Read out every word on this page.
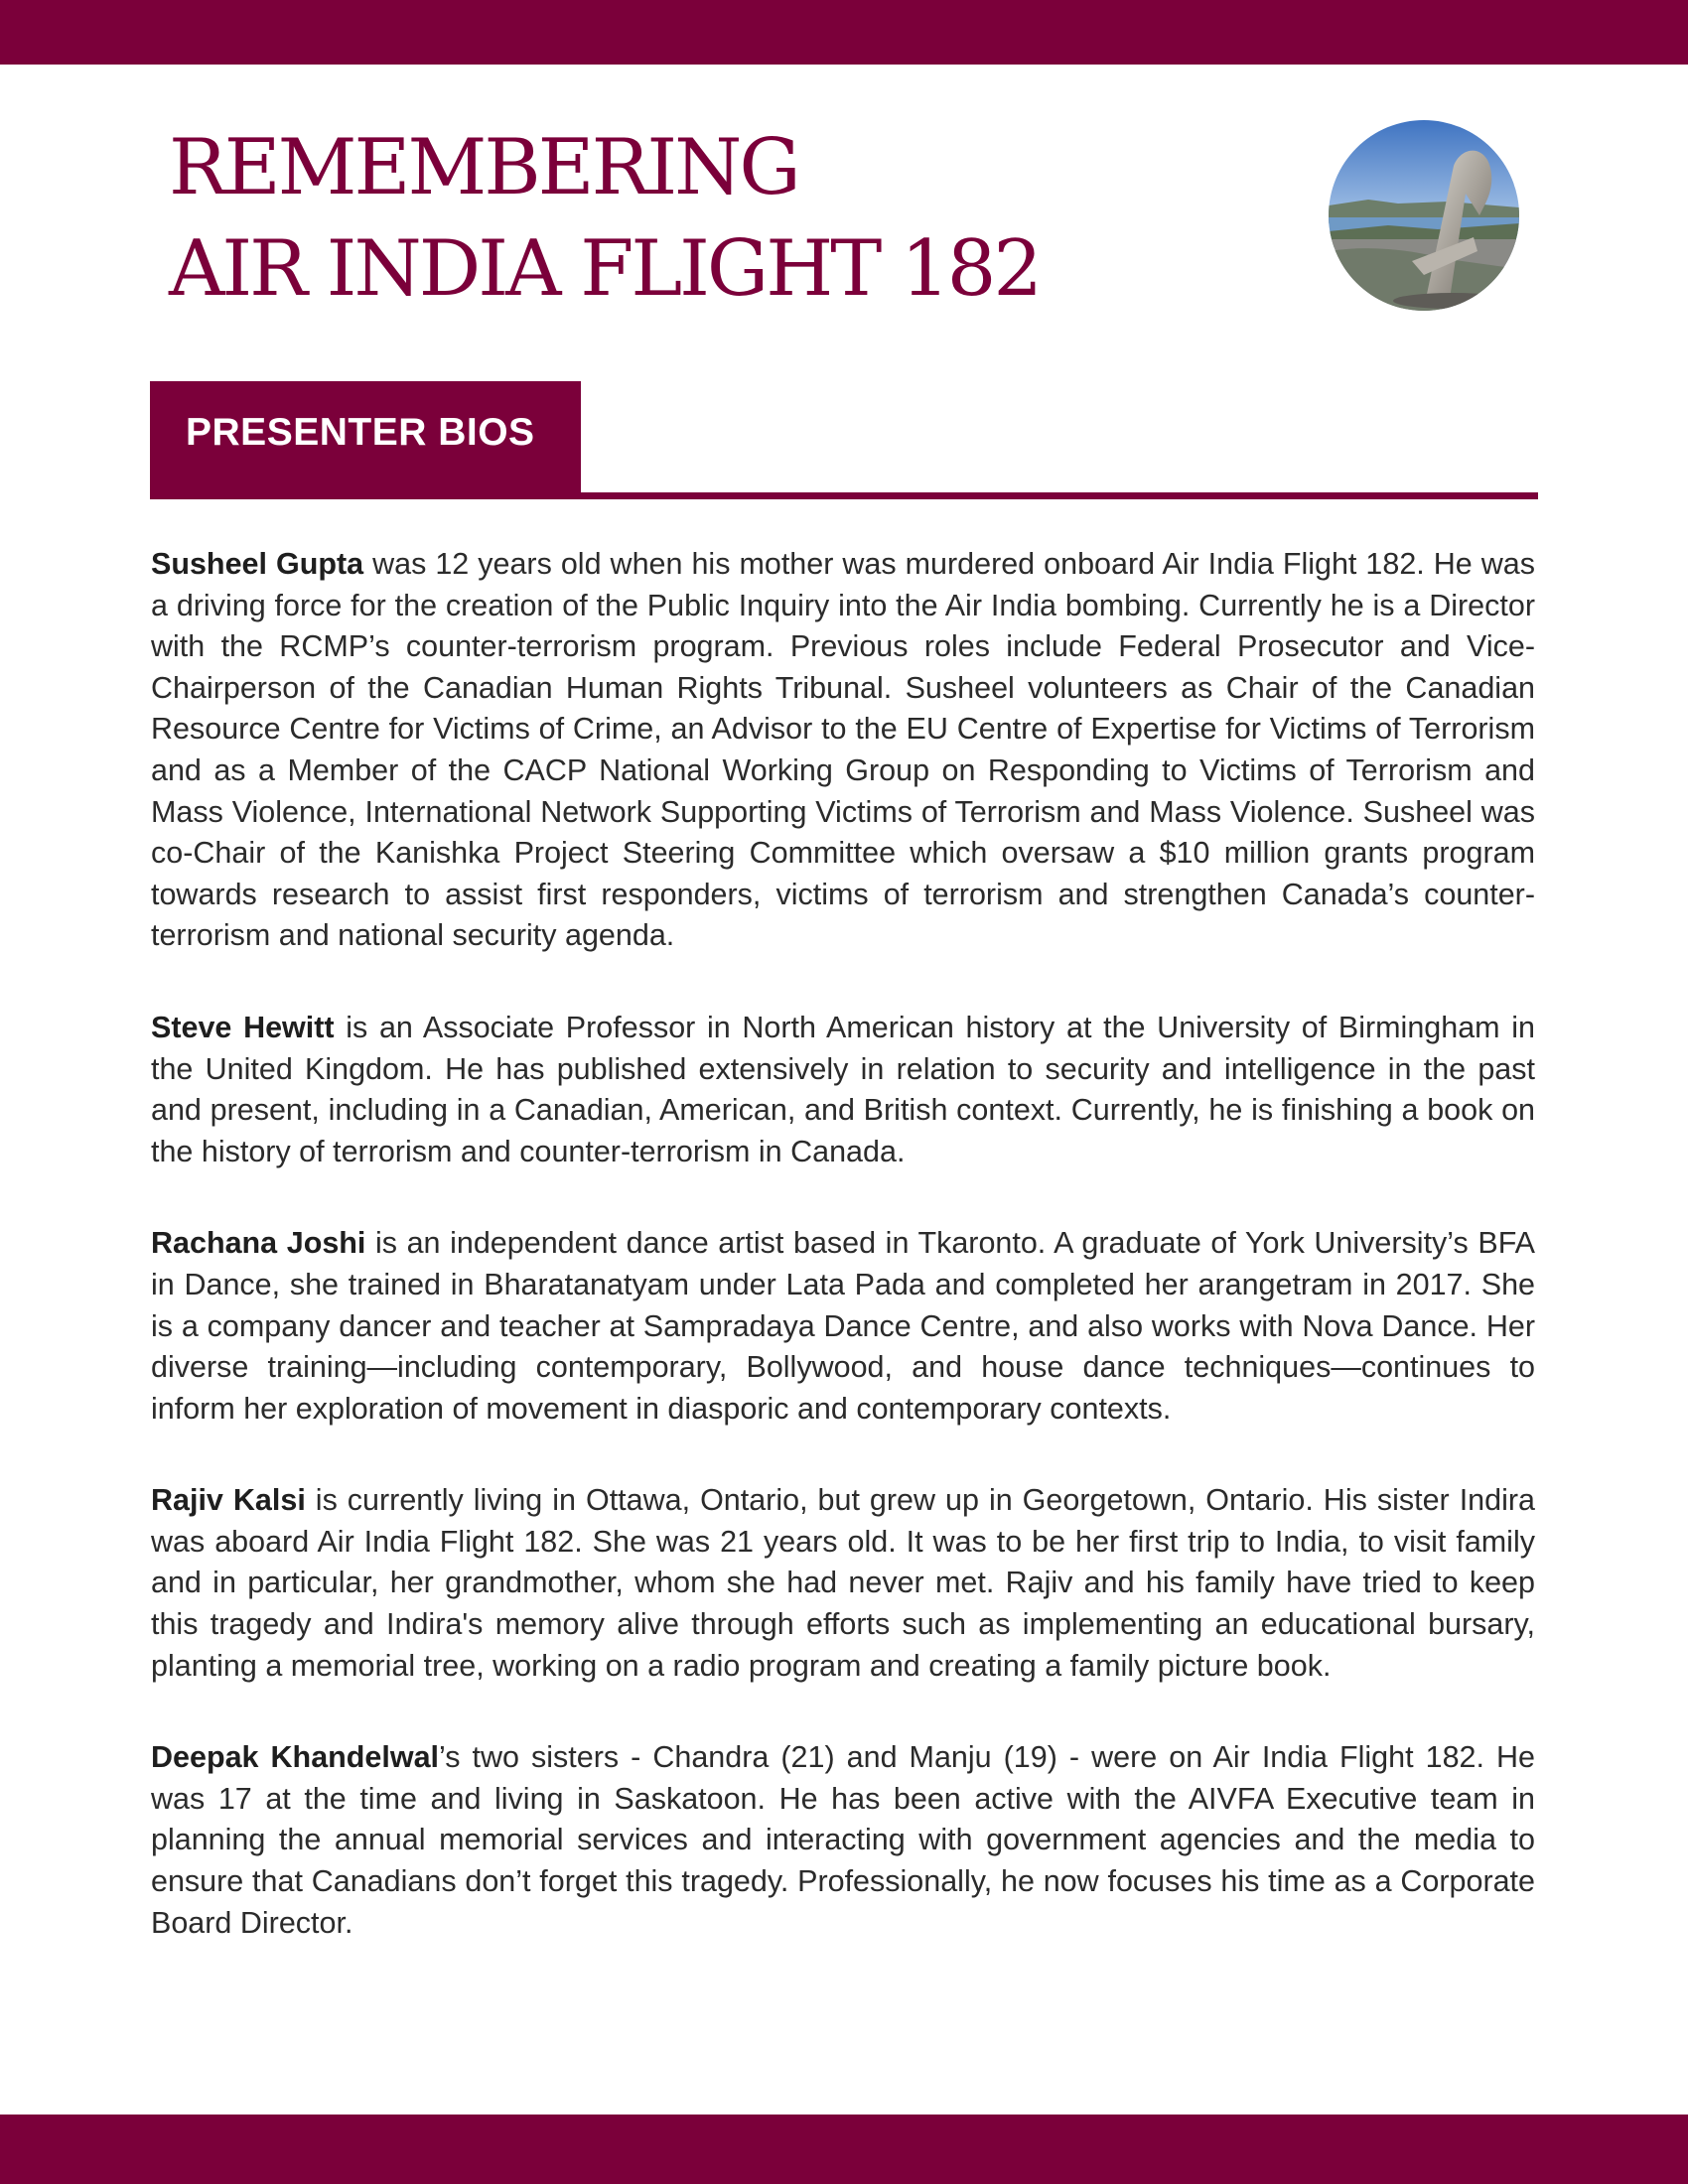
REMEMBERING
AIR INDIA FLIGHT 182
PRESENTER BIOS

Susheel Gupta was 12 years old when his mother was murdered onboard Air India Flight 182. He was a driving force for the creation of the Public Inquiry into the Air India bombing. Currently he is a Director with the RCMP’s counter-terrorism program. Previous roles include Federal Prosecutor and Vice-Chairperson of the Canadian Human Rights Tribunal. Susheel volunteers as Chair of the Canadian Resource Centre for Victims of Crime, an Advisor to the EU Centre of Expertise for Victims of Terrorism and as a Member of the CACP National Working Group on Responding to Victims of Terrorism and Mass Violence, International Network Supporting Victims of Terrorism and Mass Violence. Susheel was co-Chair of the Kanishka Project Steering Committee which oversaw a $10 million grants program towards research to assist first responders, victims of terrorism and strengthen Canada’s counter-terrorism and national security agenda.

Steve Hewitt is an Associate Professor in North American history at the University of Birmingham in the United Kingdom. He has published extensively in relation to security and intelligence in the past and present, including in a Canadian, American, and British context. Currently, he is finishing a book on the history of terrorism and counter-terrorism in Canada.

Rachana Joshi is an independent dance artist based in Tkaronto. A graduate of York University’s BFA in Dance, she trained in Bharatanatyam under Lata Pada and completed her arangetram in 2017. She is a company dancer and teacher at Sampradaya Dance Centre, and also works with Nova Dance. Her diverse training—including contemporary, Bollywood, and house dance techniques—continues to inform her exploration of movement in diasporic and contemporary contexts.

Rajiv Kalsi is currently living in Ottawa, Ontario, but grew up in Georgetown, Ontario. His sister Indira was aboard Air India Flight 182. She was 21 years old. It was to be her first trip to India, to visit family and in particular, her grandmother, whom she had never met. Rajiv and his family have tried to keep this tragedy and Indira's memory alive through efforts such as implementing an educational bursary, planting a memorial tree, working on a radio program and creating a family picture book.

Deepak Khandelwal’s two sisters - Chandra (21) and Manju (19) - were on Air India Flight 182. He was 17 at the time and living in Saskatoon. He has been active with the AIVFA Executive team in planning the annual memorial services and interacting with government agencies and the media to ensure that Canadians don’t forget this tragedy. Professionally, he now focuses his time as a Corporate Board Director.
